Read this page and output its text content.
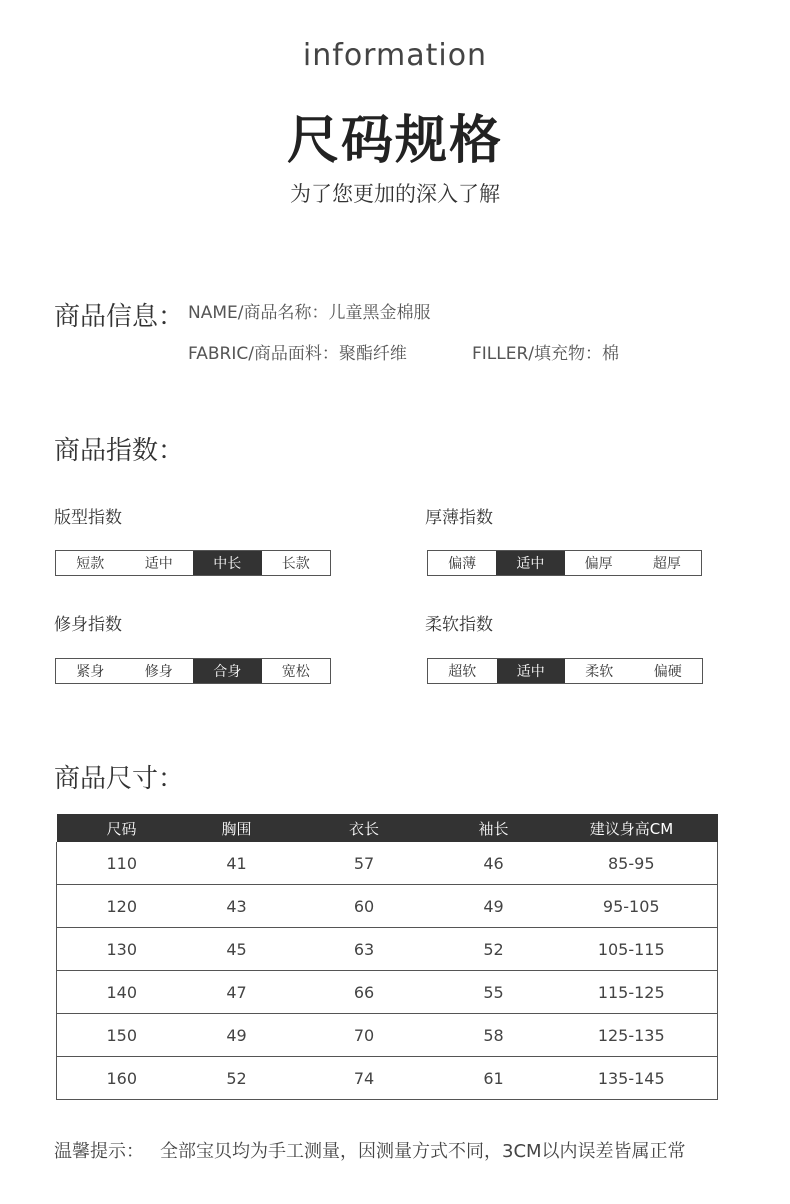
information
尺码规格
为了您更加的深入了解
商品信息： NAME/商品名称：儿童黑金棉服
FABRIC/商品面料：聚酯纤维	FILLER/填充物：棉
商品指数：
版型指数
短款	适中	中长	长款
厚薄指数
偏薄	适中	偏厚	超厚
修身指数
紧身	修身	合身	宽松
柔软指数
超软	适中	柔软	偏硬
商品尺寸：
尺码	胸围	衣长	袖长	建议身高CM
110	41	57	46	85-95
120	43	60	49	95-105
130	45	63	52	105-115
140	47	66	55	115-125
150	49	70	58	125-135
160	52	74	61	135-145
温馨提示： 全部宝贝均为手工测量，因测量方式不同，3CM以内误差皆属正常
